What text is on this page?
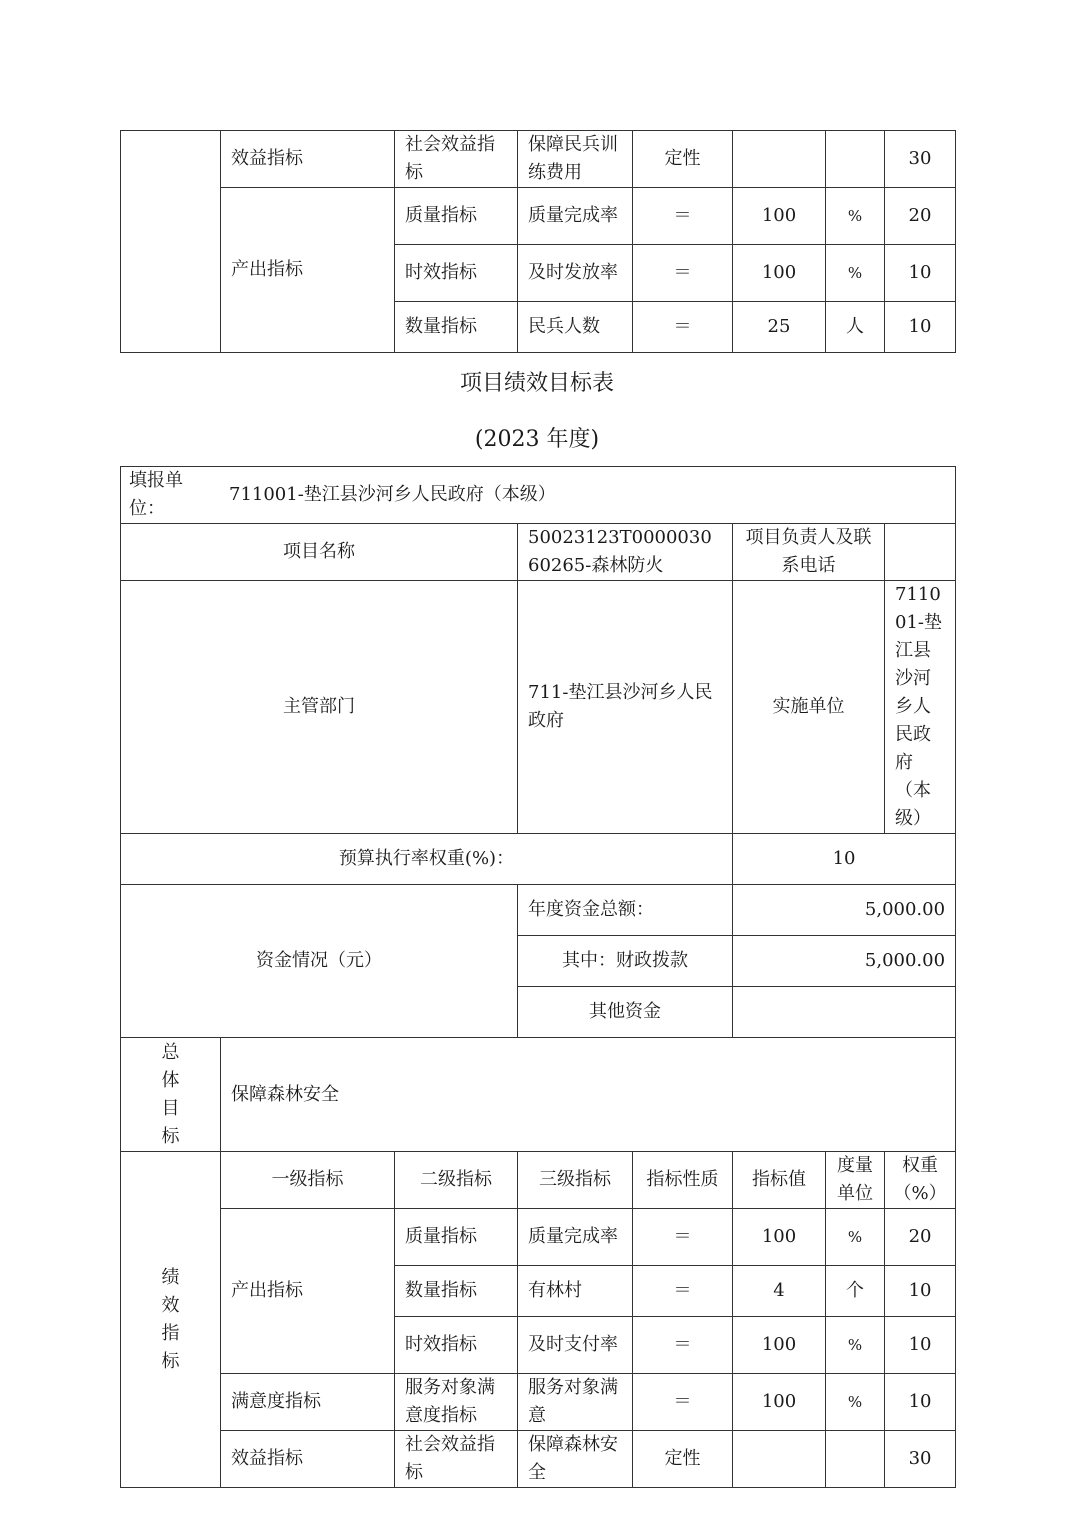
	效益指标	社会效益指标	保障民兵训练费用	定性			30
	产出指标	质量指标	质量完成率	＝	100	%	20
		时效指标	及时发放率	＝	100	%	10
		数量指标	民兵人数	＝	25	人	10
项目绩效目标表
(2023 年度)
填报单位：
711001-垫江县沙河乡人民政府（本级）							

项目名称			50023123T000003060265-森林防火		项目负责人及联系电话		
主管部门			711-垫江县沙河乡人民政府		实施单位		711001-垫江县沙河乡人民政府（本级）
预算执行率权重(%)：					10		
资金情况（元）			年度资金总额：		5,000.00		
			其中：财政拨款		5,000.00		
			其他资金				

总体目标	保障森林安全						

绩效指标	一级指标	二级指标	三级指标	指标性质	指标值	度量单位	权重（%）
	产出指标	质量指标	质量完成率	＝	100	%	20
		数量指标	有林村	＝	4	个	10
		时效指标	及时支付率	＝	100	%	10
	满意度指标	服务对象满意度指标	服务对象满意	＝	100	%	10
	效益指标	社会效益指标	保障森林安全	定性			30
